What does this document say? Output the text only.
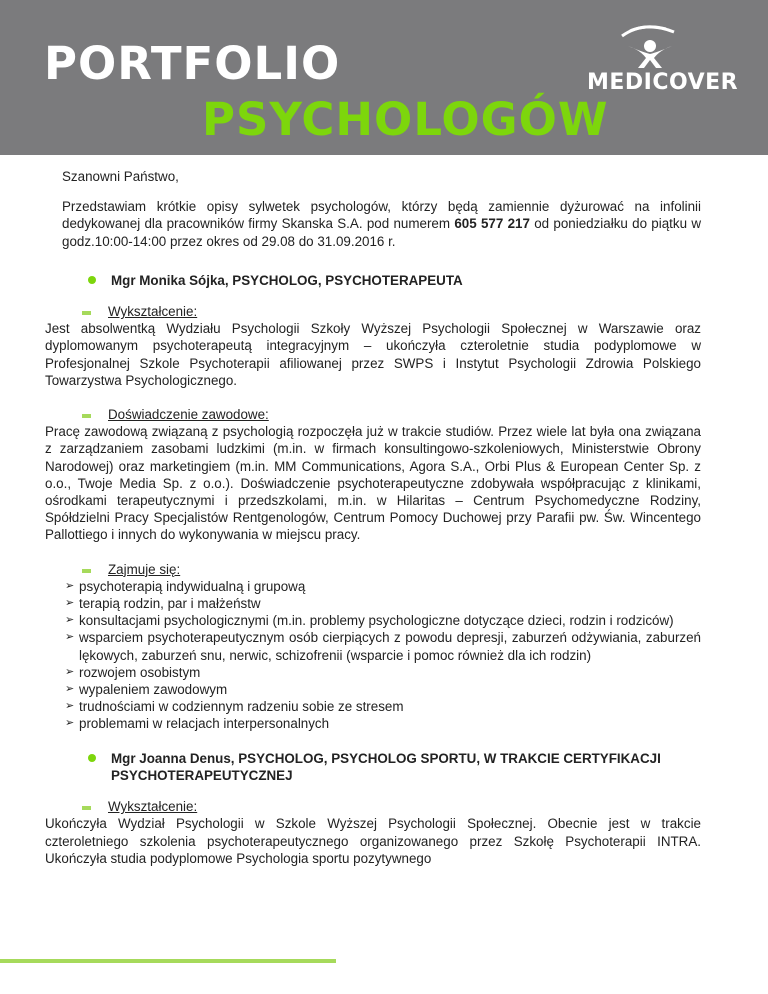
PORTFOLIO
PSYCHOLOGÓW
MEDICOVER

Szanowni Państwo,

Przedstawiam krótkie opisy sylwetek psychologów, którzy będą zamiennie dyżurować na infolinii dedykowanej dla pracowników firmy Skanska S.A. pod numerem 605 577 217 od poniedziałku do piątku w godz.10:00-14:00 przez okres od 29.08 do 31.09.2016 r.

Mgr Monika Sójka, PSYCHOLOG, PSYCHOTERAPEUTA
Wykształcenie:

Jest absolwentką Wydziału Psychologii Szkoły Wyższej Psychologii Społecznej w Warszawie oraz dyplomowanym psychoterapeutą integracyjnym – ukończyła czteroletnie studia podyplomowe w Profesjonalnej Szkole Psychoterapii afiliowanej przez SWPS i Instytut Psychologii Zdrowia Polskiego Towarzystwa Psychologicznego.

Doświadczenie zawodowe:

Pracę zawodową związaną z psychologią rozpoczęła już w trakcie studiów. Przez wiele lat była ona związana z zarządzaniem zasobami ludzkimi (m.in. w firmach konsultingowo-szkoleniowych, Ministerstwie Obrony Narodowej) oraz marketingiem (m.in. MM Communications, Agora S.A., Orbi Plus & European Center Sp. z o.o., Twoje Media Sp. z o.o.). Doświadczenie psychoterapeutyczne zdobywała współpracując z klinikami, ośrodkami terapeutycznymi i przedszkolami, m.in. w Hilaritas – Centrum Psychomedyczne Rodziny, Spółdzielni Pracy Specjalistów Rentgenologów, Centrum Pomocy Duchowej przy Parafii pw. Św. Wincentego Pallottiego i innych do wykonywania w miejscu pracy.

Zajmuje się:
➢ psychoterapią indywidualną i grupową
➢ terapią rodzin, par i małżeństw
➢ konsultacjami psychologicznymi (m.in. problemy psychologiczne dotyczące dzieci, rodzin i rodziców)
➢ wsparciem psychoterapeutycznym osób cierpiących z powodu depresji, zaburzeń odżywiania, zaburzeń lękowych, zaburzeń snu, nerwic, schizofrenii (wsparcie i pomoc również dla ich rodzin)
➢ rozwojem osobistym
➢ wypaleniem zawodowym
➢ trudnościami w codziennym radzeniu sobie ze stresem
➢ problemami w relacjach interpersonalnych
Mgr Joanna Denus, PSYCHOLOG, PSYCHOLOG SPORTU, W TRAKCIE CERTYFIKACJI PSYCHOTERAPEUTYCZNEJ
Wykształcenie:

Ukończyła Wydział Psychologii w Szkole Wyższej Psychologii Społecznej. Obecnie jest w trakcie czteroletniego szkolenia psychoterapeutycznego organizowanego przez Szkołę Psychoterapii INTRA. Ukończyła studia podyplomowe Psychologia sportu pozytywnego
